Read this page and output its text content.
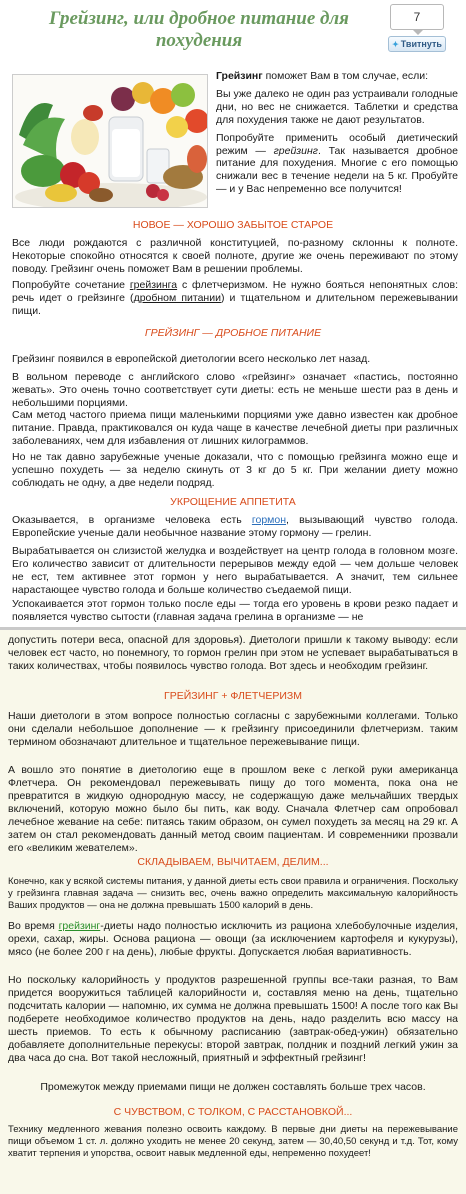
Грейзинг, или дробное питание для похудения
7
✦ Твитнуть

Грейзинг поможет Вам в том случае, если:

Вы уже далеко не один раз устраивали голодные дни, но вес не снижается. Таблетки и средства для похудения также не дают результатов.

Попробуйте применить особый диетический режим — грейзинг. Так называется дробное питание для похудения. Многие с его помощью снижали вес в течение недели на 5 кг. Пробуйте — и у Вас непременно все получится!

НОВОЕ — ХОРОШО ЗАБЫТОЕ СТАРОЕ

Все люди рождаются с различной конституцией, по-разному склонны к полноте. Некоторые спокойно относятся к своей полноте, другие же очень переживают по этому поводу. Грейзинг очень поможет Вам в решении проблемы.

Попробуйте сочетание грейзинга с флетчеризмом. Не нужно бояться непонятных слов: речь идет о грейзинге (дробном питании) и тщательном и длительном пережевывании пищи.

ГРЕЙЗИНГ — ДРОБНОЕ ПИТАНИЕ

Грейзинг появился в европейской диетологии всего несколько лет назад.

В вольном переводе с английского слово «грейзинг» означает «пастись, постоянно жевать». Это очень точно соответствует сути диеты: есть не меньше шести раз в день и небольшими порциями.

Сам метод частого приема пищи маленькими порциями уже давно известен как дробное питание. Правда, практиковался он куда чаще в качестве лечебной диеты при различных заболеваниях, чем для избавления от лишних килограммов.

Но не так давно зарубежные ученые доказали, что с помощью грейзинга можно еще и успешно похудеть — за неделю скинуть от 3 кг до 5 кг. При желании диету можно соблюдать не одну, а две недели подряд.

УКРОЩЕНИЕ АППЕТИТА

Оказывается, в организме человека есть гормон, вызывающий чувство голода. Европейские ученые дали необычное название этому гормону — грелин.

Вырабатывается он слизистой желудка и воздействует на центр голода в головном мозге. Его количество зависит от длительности перерывов между едой — чем дольше человек не ест, тем активнее этот гормон у него вырабатывается. А значит, тем сильнее нарастающее чувство голода и больше количество съедаемой пищи.

Успокаивается этот гормон только после еды — тогда его уровень в крови резко падает и появляется чувство сытости (главная задача грелина в организме — не

допустить потери веса, опасной для здоровья). Диетологи пришли к такому выводу: если человек ест часто, но понемногу, то гормон грелин при этом не успевает вырабатываться в таких количествах, чтобы появилось чувство голода. Вот здесь и необходим грейзинг.

ГРЕЙЗИНГ + ФЛЕТЧЕРИЗМ

Наши диетологи в этом вопросе полностью согласны с зарубежными коллегами. Только они сделали небольшое дополнение — к грейзингу присоединили флетчеризм. таким термином обозначают длительное и тщательное пережевывание пищи.

А вошло это понятие в диетологию еще в прошлом веке с легкой руки американца Флетчера. Он рекомендовал пережевывать пищу до того момента, пока она не превратится в жидкую однородную массу, не содержащую даже мельчайших твердых включений, которую можно было бы пить, как воду. Сначала Флетчер сам опробовал лечебное жевание на себе: питаясь таким образом, он сумел похудеть за месяц на 29 кг. А затем он стал рекомендовать данный метод своим пациентам. И современники прозвали его «великим жевателем».

СКЛАДЫВАЕМ, ВЫЧИТАЕМ, ДЕЛИМ...

Конечно, как у всякой системы питания, у данной диеты есть свои правила и ограничения. Поскольку у грейзинга главная задача — снизить вес, очень важно определить максимальную калорийность Ваших продуктов — она не должна превышать 1500 калорий в день.

Во время грейзинг-диеты надо полностью исключить из рациона хлебобулочные изделия, орехи, сахар, жиры. Основа рациона — овощи (за исключением картофеля и кукурузы), мясо (не более 200 г на день), любые фрукты. Допускается любая вариативность.

Но поскольку калорийность у продуктов разрешенной группы все-таки разная, то Вам придется вооружиться таблицей калорийности и, составляя меню на день, тщательно подсчитать калории — напомню, их сумма не должна превышать 1500! А после того как Вы подберете необходимое количество продуктов на день, надо разделить всю массу на шесть приемов. То есть к обычному расписанию (завтрак-обед-ужин) обязательно добавляете дополнительные перекусы: второй завтрак, полдник и поздний легкий ужин за два часа до сна. Вот такой несложный, приятный и эффектный грейзинг!

Промежуток между приемами пищи не должен составлять больше трех часов.

С ЧУВСТВОМ, С ТОЛКОМ, С РАССТАНОВКОЙ...

Технику медленного жевания полезно освоить каждому. В первые дни диеты на пережевывание пищи объемом 1 ст. л. должно уходить не менее 20 секунд, затем — 30,40,50 секунд и т.д. Тот, кому хватит терпения и упорства, освоит навык медленной еды, непременно похудеет!
